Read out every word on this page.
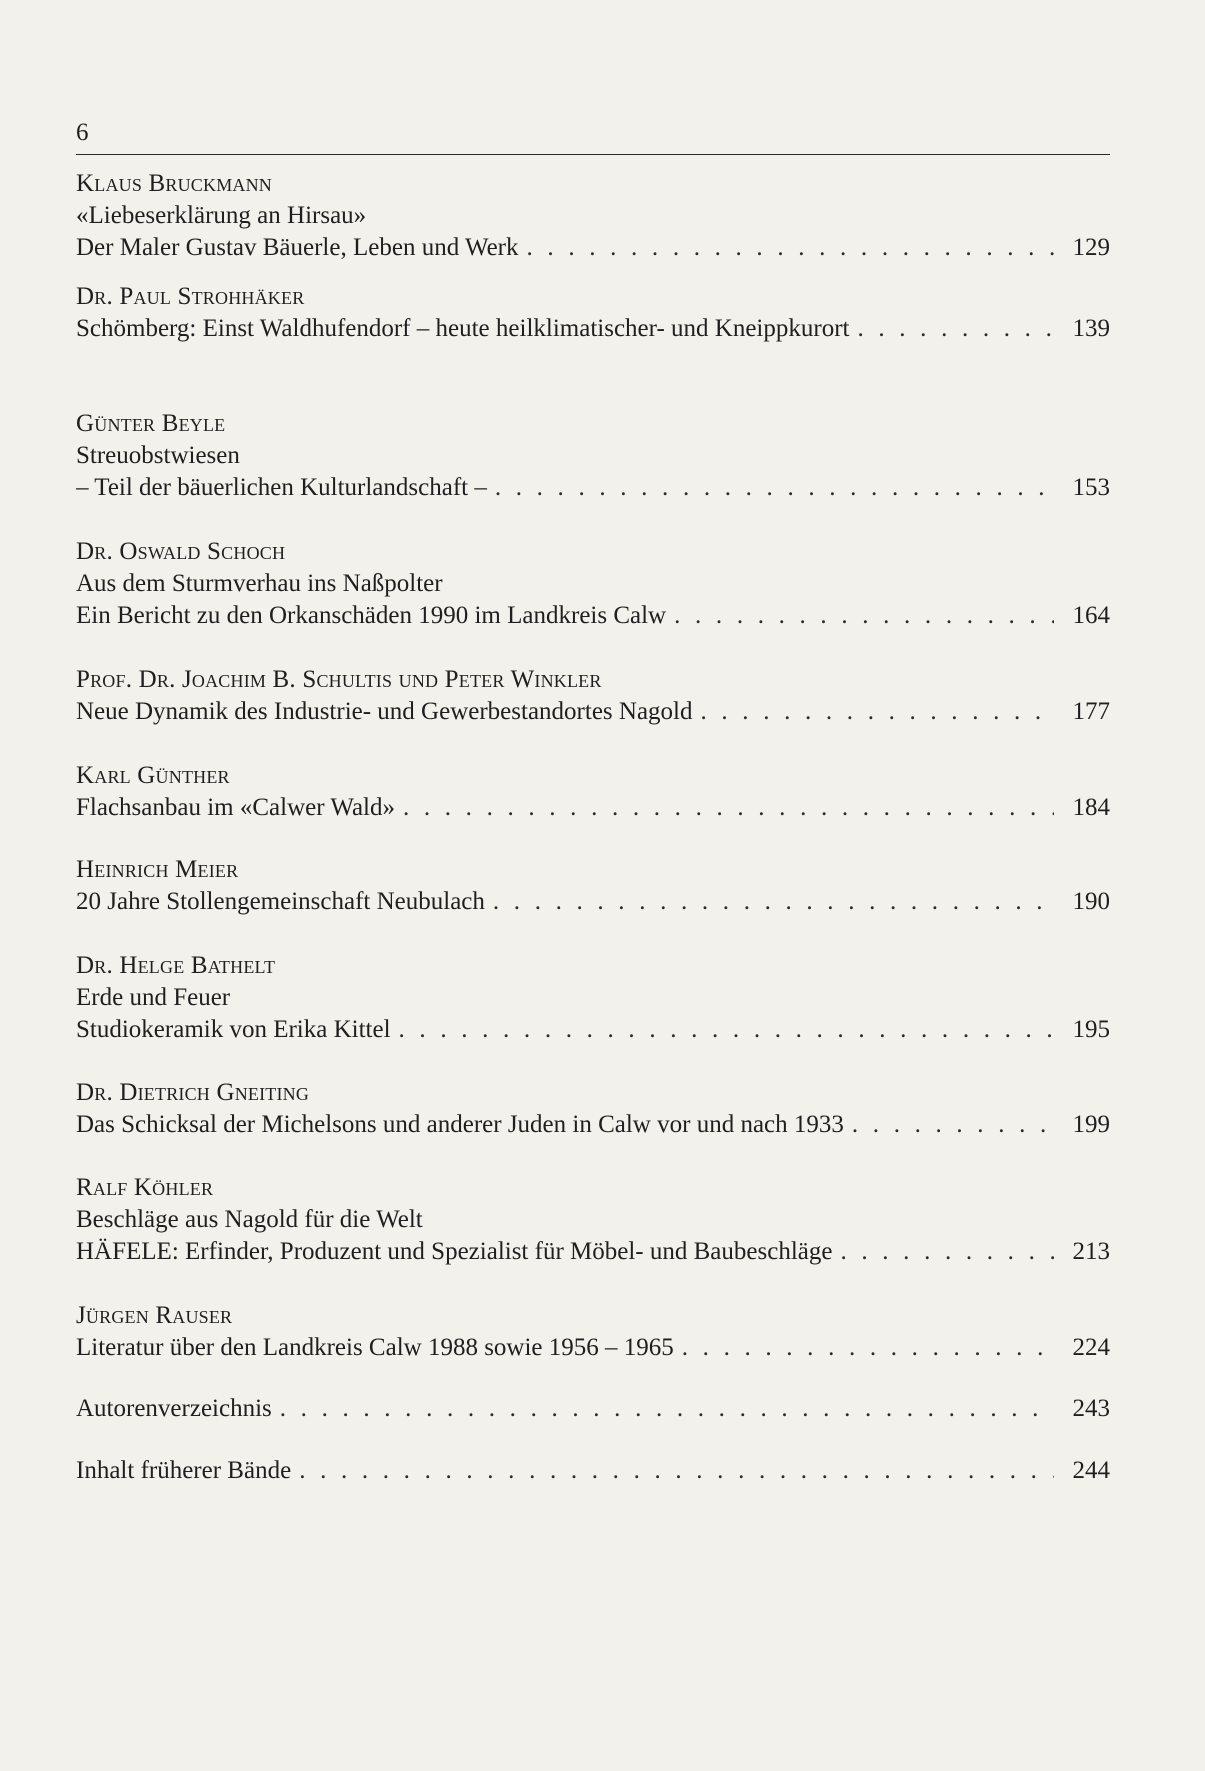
6
Klaus Bruckmann
«Liebeserklärung an Hirsau»
Der Maler Gustav Bäuerle, Leben und Werk . . .	129
Dr. Paul Strohhäker
Schömberg: Einst Waldhufendorf – heute heilklimatischer- und Kneippkurort . . .	139
Günter Beyle
Streuobstwiesen
– Teil der bäuerlichen Kulturlandschaft – . . .	153
Dr. Oswald Schoch
Aus dem Sturmverhau ins Naßpolter
Ein Bericht zu den Orkanschäden 1990 im Landkreis Calw . . .	164
Prof. Dr. Joachim B. Schultis und Peter Winkler
Neue Dynamik des Industrie- und Gewerbestandortes Nagold . . .	177
Karl Günther
Flachsanbau im «Calwer Wald» . . .	184
Heinrich Meier
20 Jahre Stollengemeinschaft Neubulach . . .	190
Dr. Helge Bathelt
Erde und Feuer
Studiokeramik von Erika Kittel . . .	195
Dr. Dietrich Gneiting
Das Schicksal der Michelsons und anderer Juden in Calw vor und nach 1933 . . .	199
Ralf Köhler
Beschläge aus Nagold für die Welt
HÄFELE: Erfinder, Produzent und Spezialist für Möbel- und Baubeschläge . . .	213
Jürgen Rauser
Literatur über den Landkreis Calw 1988 sowie 1956 – 1965 . . .	224
Autorenverzeichnis . . .	243
Inhalt früherer Bände . . .	244
